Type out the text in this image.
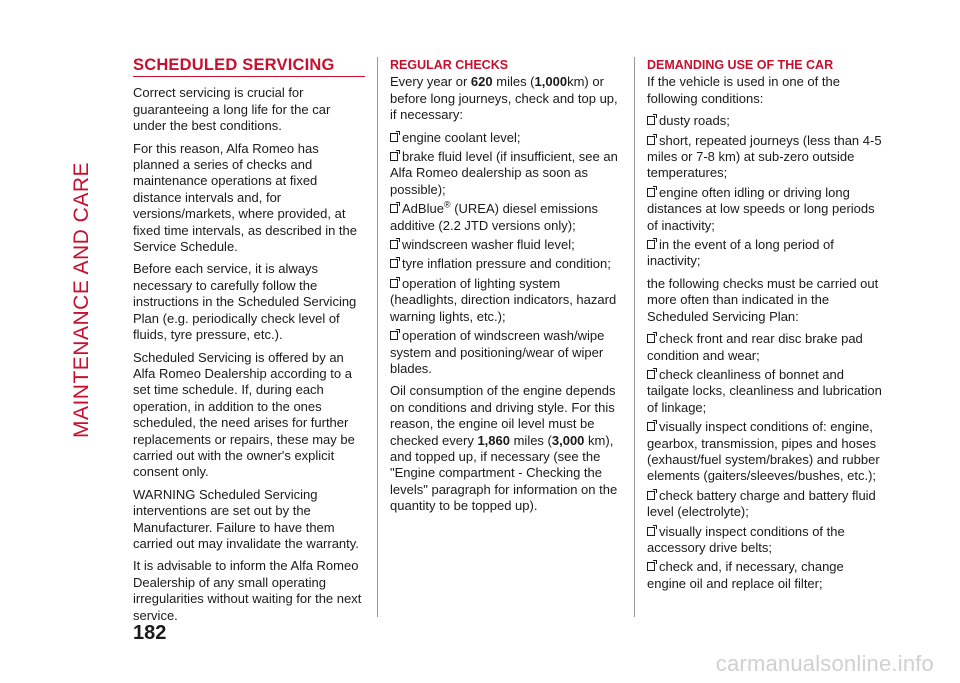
MAINTENANCE AND CARE
SCHEDULED SERVICING

Correct servicing is crucial for guaranteeing a long life for the car under the best conditions.

For this reason, Alfa Romeo has planned a series of checks and maintenance operations at fixed distance intervals and, for versions/markets, where provided, at fixed time intervals, as described in the Service Schedule.

Before each service, it is always necessary to carefully follow the instructions in the Scheduled Servicing Plan (e.g. periodically check level of fluids, tyre pressure, etc.).

Scheduled Servicing is offered by an Alfa Romeo Dealership according to a set time schedule. If, during each operation, in addition to the ones scheduled, the need arises for further replacements or repairs, these may be carried out with the owner's explicit consent only.

WARNING Scheduled Servicing interventions are set out by the Manufacturer. Failure to have them carried out may invalidate the warranty.

It is advisable to inform the Alfa Romeo Dealership of any small operating irregularities without waiting for the next service.

REGULAR CHECKS

Every year or 620 miles (1,000km) or before long journeys, check and top up, if necessary:

engine coolant level;
brake fluid level (if insufficient, see an Alfa Romeo dealership as soon as possible);
AdBlue® (UREA) diesel emissions additive (2.2 JTD versions only);
windscreen washer fluid level;
tyre inflation pressure and condition;
operation of lighting system (headlights, direction indicators, hazard warning lights, etc.);
operation of windscreen wash/wipe system and positioning/wear of wiper blades.

Oil consumption of the engine depends on conditions and driving style. For this reason, the engine oil level must be checked every 1,860 miles (3,000 km), and topped up, if necessary (see the "Engine compartment - Checking the levels" paragraph for information on the quantity to be topped up).

DEMANDING USE OF THE CAR

If the vehicle is used in one of the following conditions:

dusty roads;
short, repeated journeys (less than 4-5 miles or 7-8 km) at sub-zero outside temperatures;
engine often idling or driving long distances at low speeds or long periods of inactivity;
in the event of a long period of inactivity;

the following checks must be carried out more often than indicated in the Scheduled Servicing Plan:

check front and rear disc brake pad condition and wear;
check cleanliness of bonnet and tailgate locks, cleanliness and lubrication of linkage;
visually inspect conditions of: engine, gearbox, transmission, pipes and hoses (exhaust/fuel system/brakes) and rubber elements (gaiters/sleeves/bushes, etc.);
check battery charge and battery fluid level (electrolyte);
visually inspect conditions of the accessory drive belts;
check and, if necessary, change engine oil and replace oil filter;
182
carmanualsonline.info
